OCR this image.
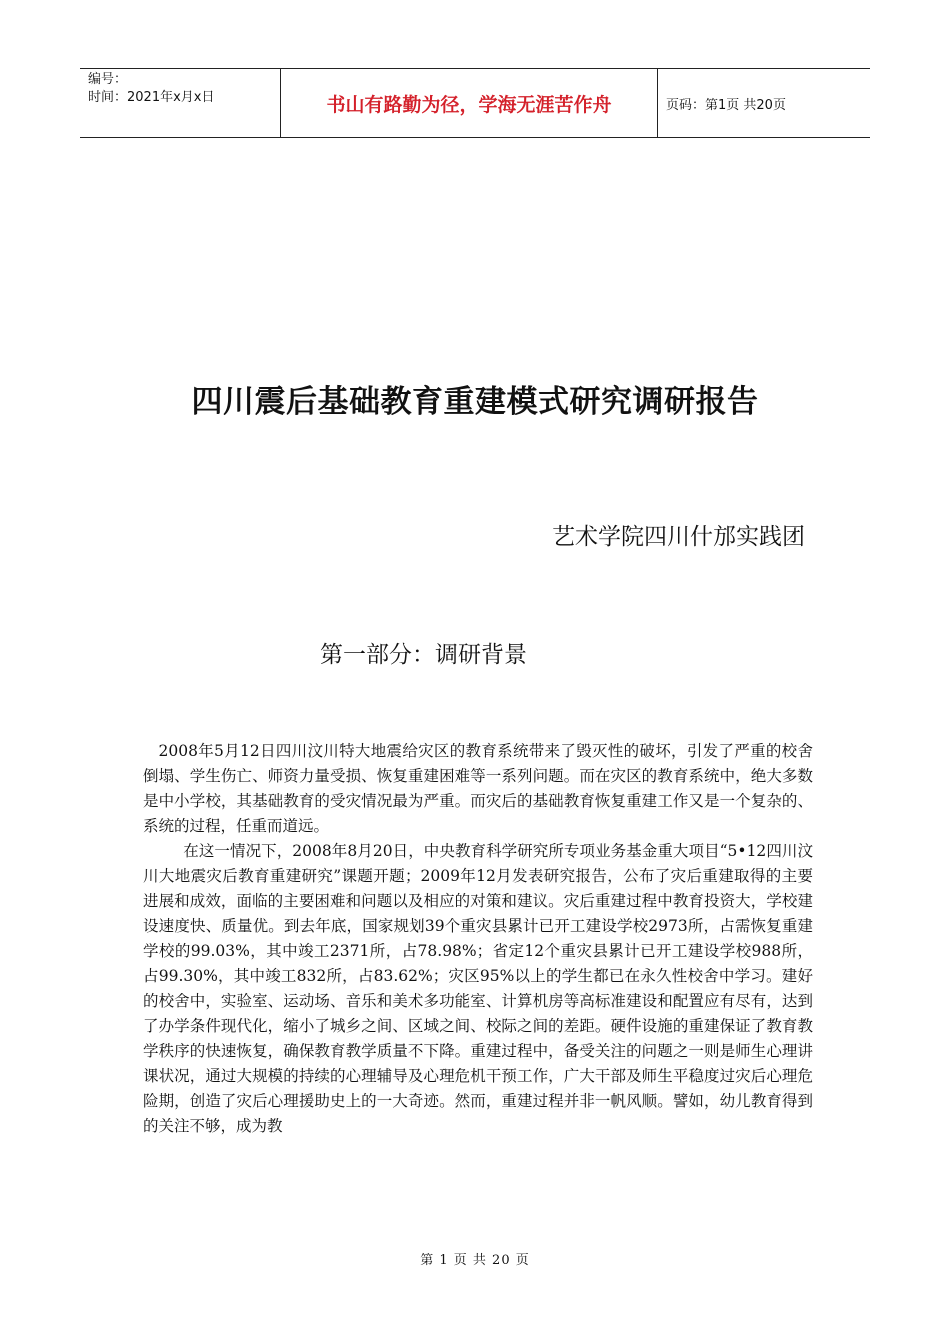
编号：
时间：2021年x月x日	书山有路勤为径，学海无涯苦作舟	页码：第1页 共20页
四川震后基础教育重建模式研究调研报告
艺术学院四川什邡实践团
第一部分：调研背景

2008年5月12日四川汶川特大地震给灾区的教育系统带来了毁灭性的破坏，引发了严重的校舍倒塌、学生伤亡、师资力量受损、恢复重建困难等一系列问题。而在灾区的教育系统中，绝大多数是中小学校，其基础教育的受灾情况最为严重。而灾后的基础教育恢复重建工作又是一个复杂的、系统的过程，任重而道远。

在这一情况下，2008年8月20日，中央教育科学研究所专项业务基金重大项目“5•12四川汶川大地震灾后教育重建研究”课题开题；2009年12月发表研究报告，公布了灾后重建取得的主要进展和成效，面临的主要困难和问题以及相应的对策和建议。灾后重建过程中教育投资大，学校建设速度快、质量优。到去年底，国家规划39个重灾县累计已开工建设学校2973所，占需恢复重建学校的99.03%，其中竣工2371所，占78.98%；省定12个重灾县累计已开工建设学校988所，占99.30%，其中竣工832所，占83.62%；灾区95%以上的学生都已在永久性校舍中学习。建好的校舍中，实验室、运动场、音乐和美术多功能室、计算机房等高标准建设和配置应有尽有，达到了办学条件现代化，缩小了城乡之间、区域之间、校际之间的差距。硬件设施的重建保证了教育教学秩序的快速恢复，确保教育教学质量不下降。重建过程中，备受关注的问题之一则是师生心理讲课状况，通过大规模的持续的心理辅导及心理危机干预工作，广大干部及师生平稳度过灾后心理危险期，创造了灾后心理援助史上的一大奇迹。然而，重建过程并非一帆风顺。譬如，幼儿教育得到的关注不够，成为教

第 1 页 共 20 页
